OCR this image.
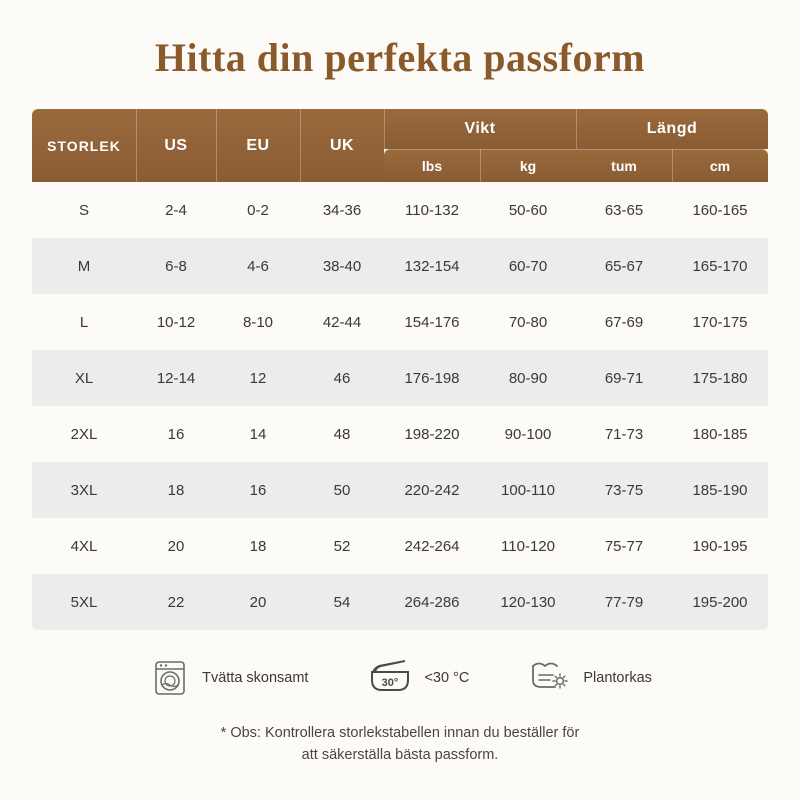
Hitta din perfekta passform
STORLEK	US	EU	UK	Vikt		Längd	
				lbs	kg	tum	cm
S	2-4	0-2	34-36	110-132	50-60	63-65	160-165
M	6-8	4-6	38-40	132-154	60-70	65-67	165-170
L	10-12	8-10	42-44	154-176	70-80	67-69	170-175
XL	12-14	12	46	176-198	80-90	69-71	175-180
2XL	16	14	48	198-220	90-100	71-73	180-185
3XL	18	16	50	220-242	100-110	73-75	185-190
4XL	20	18	52	242-264	110-120	75-77	190-195
5XL	22	20	54	264-286	120-130	77-79	195-200
Tvätta skonsamt	30° <30 °C	Plantorkas
* Obs: Kontrollera storlekstabellen innan du beställer för
att säkerställa bästa passform.
